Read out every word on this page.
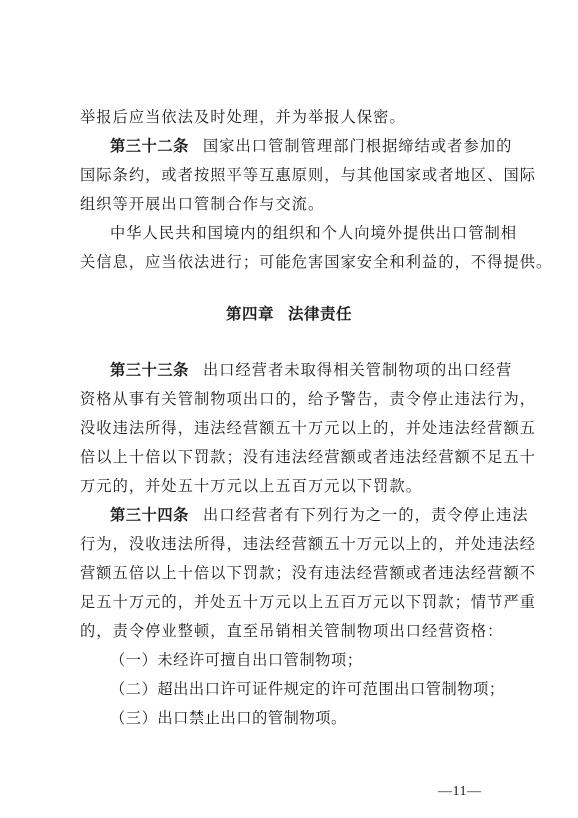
举报后应当依法及时处理，并为举报人保密。
第三十二条 国家出口管制管理部门根据缔结或者参加的
国际条约，或者按照平等互惠原则，与其他国家或者地区、国际
组织等开展出口管制合作与交流。
中华人民共和国境内的组织和个人向境外提供出口管制相
关信息，应当依法进行；可能危害国家安全和利益的，不得提供。
第四章 法律责任
第三十三条 出口经营者未取得相关管制物项的出口经营
资格从事有关管制物项出口的，给予警告，责令停止违法行为，
没收违法所得，违法经营额五十万元以上的，并处违法经营额五
倍以上十倍以下罚款；没有违法经营额或者违法经营额不足五十
万元的，并处五十万元以上五百万元以下罚款。
第三十四条 出口经营者有下列行为之一的，责令停止违法
行为，没收违法所得，违法经营额五十万元以上的，并处违法经
营额五倍以上十倍以下罚款；没有违法经营额或者违法经营额不
足五十万元的，并处五十万元以上五百万元以下罚款；情节严重
的，责令停业整顿，直至吊销相关管制物项出口经营资格：
（一）未经许可擅自出口管制物项；
（二）超出出口许可证件规定的许可范围出口管制物项；
（三）出口禁止出口的管制物项。
—11—
